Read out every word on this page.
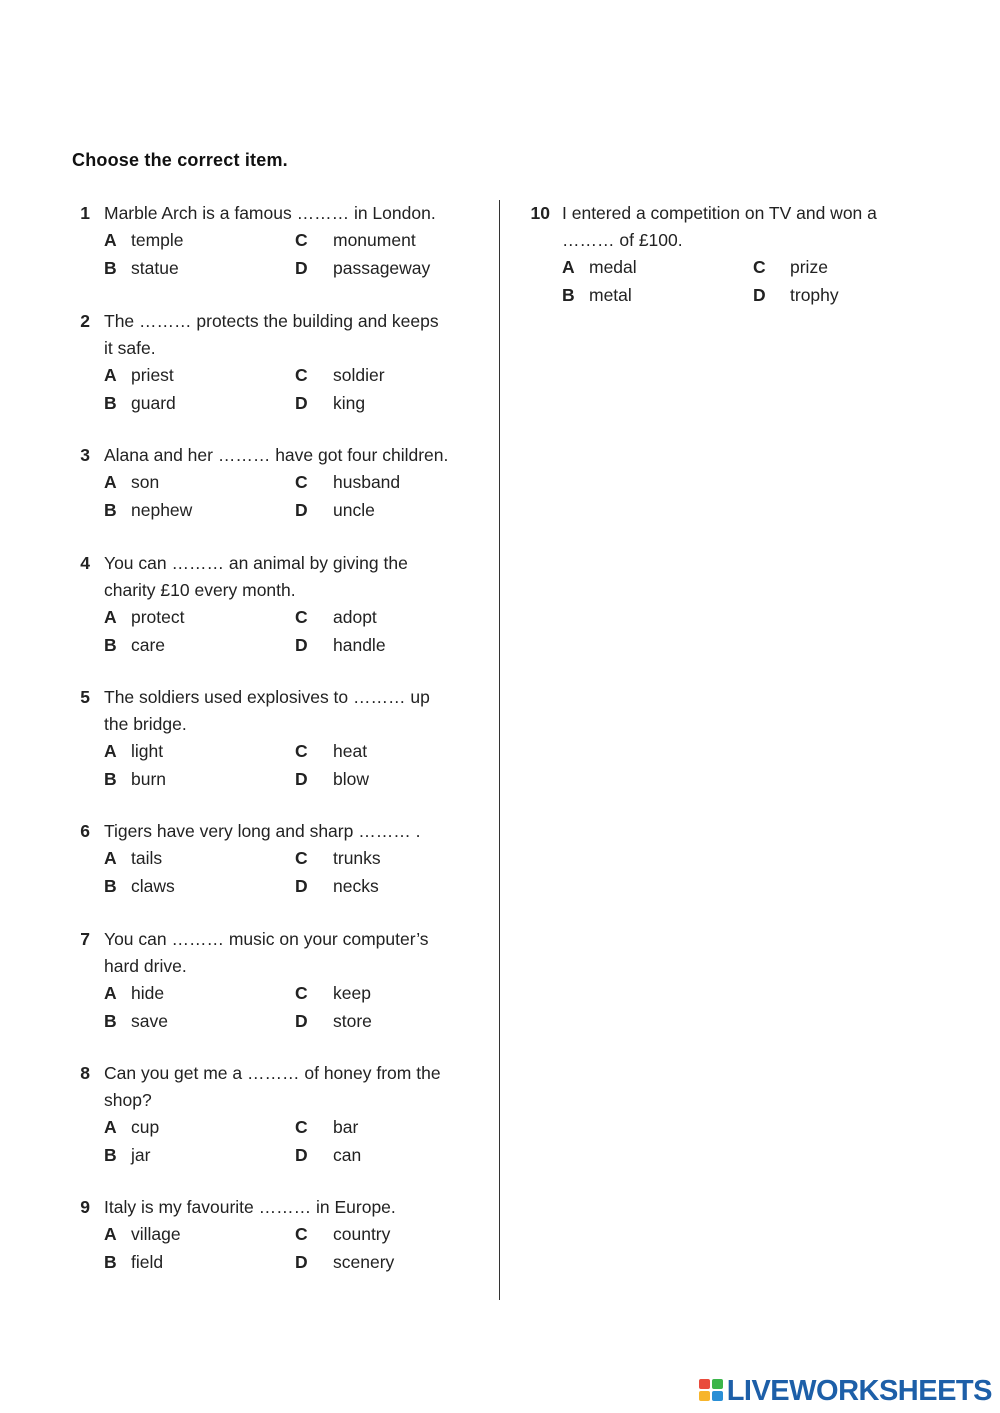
Choose the correct item.
1 Marble Arch is a famous ……… in London.
A temple	C monument
B statue	D passageway
2 The ……… protects the building and keeps
it safe.
A priest	C soldier
B guard	D king
3 Alana and her ……… have got four children.
A son	C husband
B nephew	D uncle
4 You can ……… an animal by giving the
charity £10 every month.
A protect	C adopt
B care	D handle
5 The soldiers used explosives to ……… up
the bridge.
A light	C heat
B burn	D blow
6 Tigers have very long and sharp ……… .
A tails	C trunks
B claws	D necks
7 You can ……… music on your computer’s
hard drive.
A hide	C keep
B save	D store
8 Can you get me a ……… of honey from the
shop?
A cup	C bar
B jar	D can
9 Italy is my favourite ……… in Europe.
A village	C country
B field	D scenery
10 I entered a competition on TV and won a
……… of £100.
A medal	C prize
B metal	D trophy
LIVEWORKSHEETS
